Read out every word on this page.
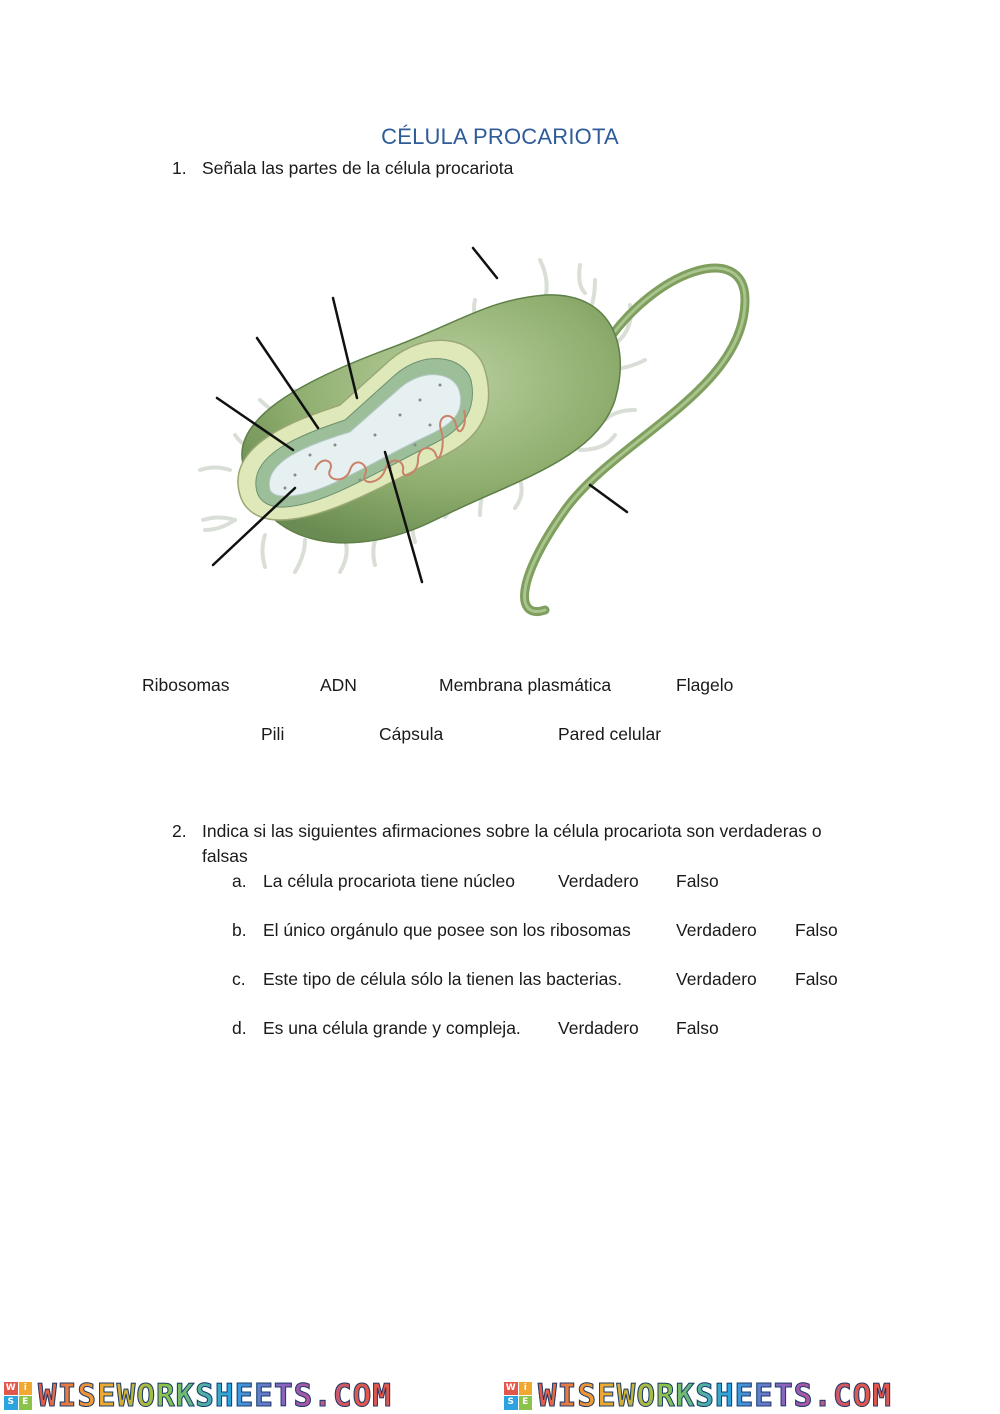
CÉLULA PROCARIOTA
1. Señala las partes de la célula procariota
Ribosomas	ADN	Membrana plasmática	Flagelo
Pili	Cápsula	Pared celular
2. Indica si las siguientes afirmaciones sobre la célula procariota son verdaderas o
falsas
a. La célula procariota tiene núcleo Verdadero Falso
b. El único orgánulo que posee son los ribosomas	Verdadero Falso
c. Este tipo de célula sólo la tienen las bacterias.	Verdadero Falso
d. Es una célula grande y compleja. Verdadero Falso
W i
S E WISEWORKSHEETS.COM	W i
S E WISEWORKSHEETS.COM
